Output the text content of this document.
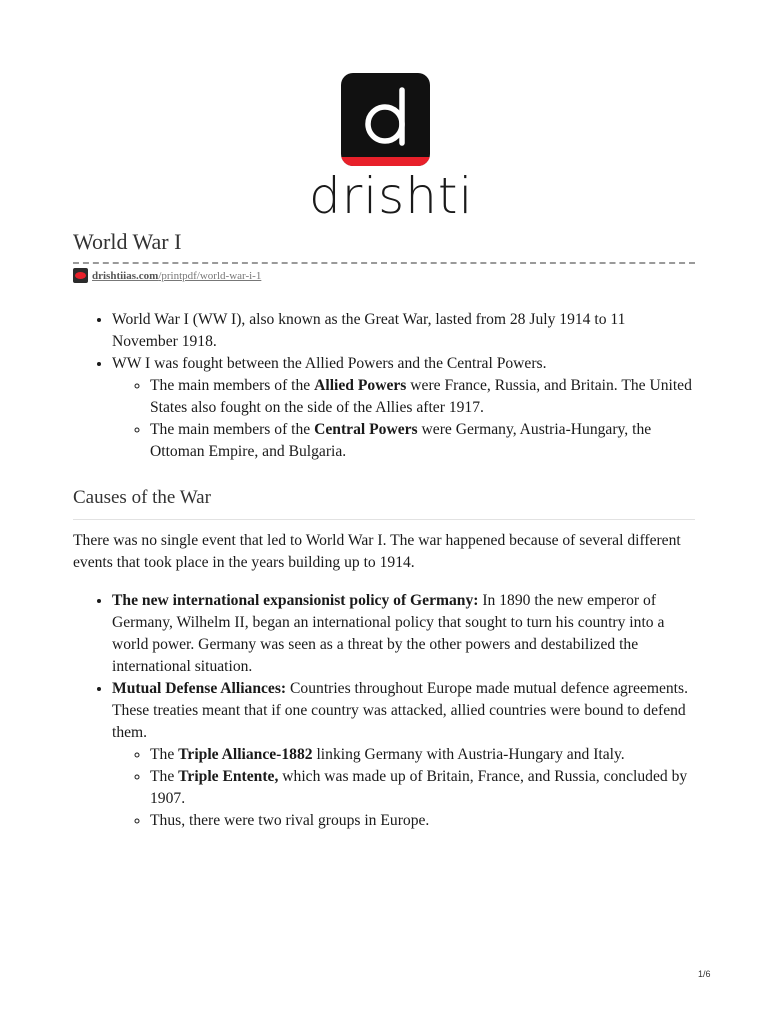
drishti
World War I
drishtiias.com/printpdf/world-war-i-1
• World War I (WW I), also known as the Great War, lasted from 28 July 1914 to 11 November 1918.
• WW I was fought between the Allied Powers and the Central Powers.
◦ The main members of the Allied Powers were France, Russia, and Britain. The United States also fought on the side of the Allies after 1917.
◦ The main members of the Central Powers were Germany, Austria-Hungary, the Ottoman Empire, and Bulgaria.
Causes of the War

There was no single event that led to World War I. The war happened because of several different events that took place in the years building up to 1914.

• The new international expansionist policy of Germany: In 1890 the new emperor of Germany, Wilhelm II, began an international policy that sought to turn his country into a world power. Germany was seen as a threat by the other powers and destabilized the international situation.
• Mutual Defense Alliances: Countries throughout Europe made mutual defence agreements. These treaties meant that if one country was attacked, allied countries were bound to defend them.
◦ The Triple Alliance-1882 linking Germany with Austria-Hungary and Italy.
◦ The Triple Entente, which was made up of Britain, France, and Russia, concluded by 1907.
◦ Thus, there were two rival groups in Europe.
1/6
